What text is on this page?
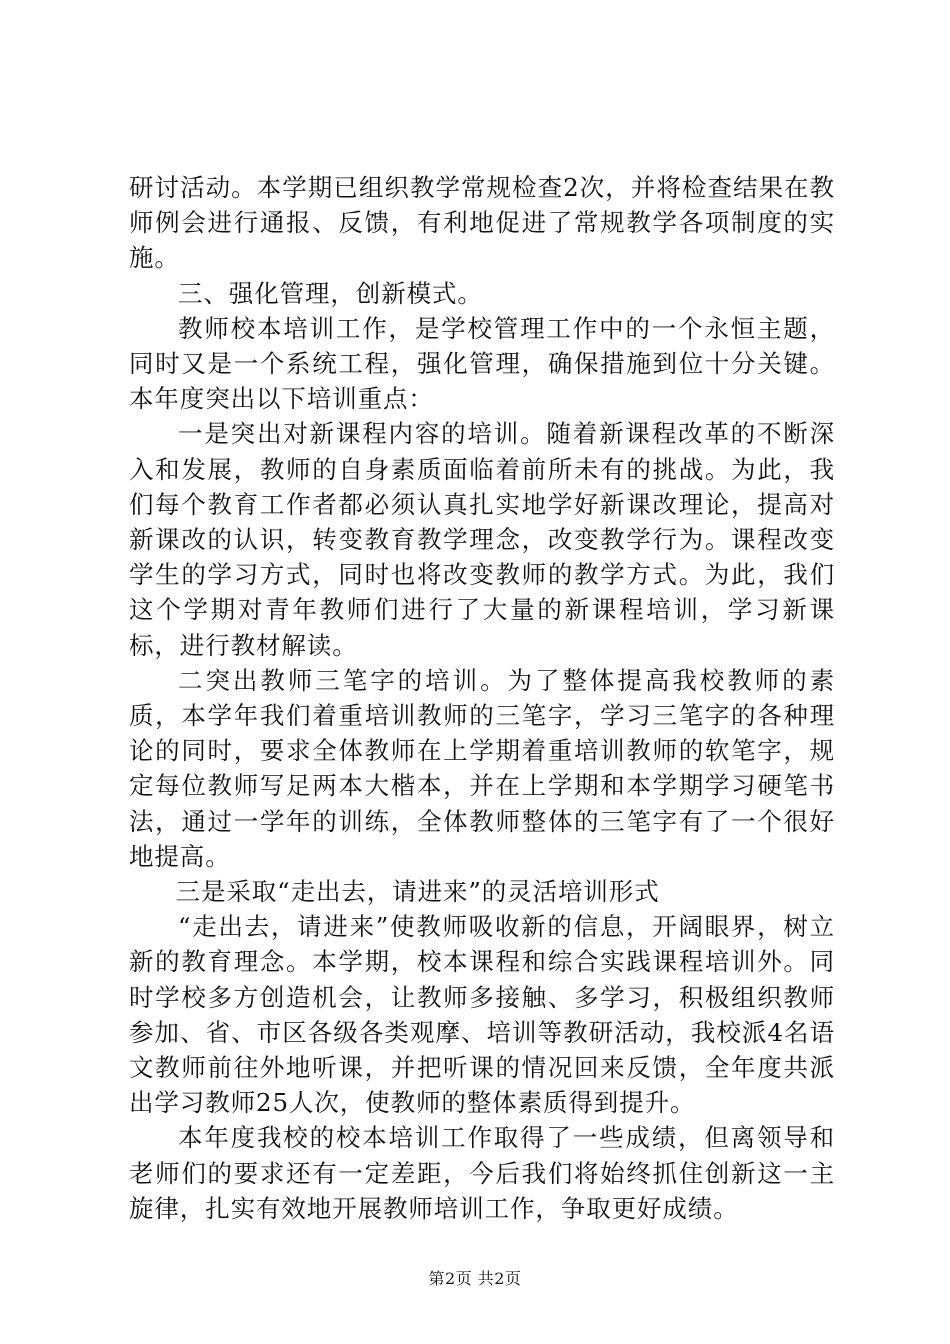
研讨活动。本学期已组织教学常规检查2次，并将检查结果在教师例会进行通报、反馈，有利地促进了常规教学各项制度的实施。

三、强化管理，创新模式。

教师校本培训工作，是学校管理工作中的一个永恒主题，同时又是一个系统工程，强化管理，确保措施到位十分关键。本年度突出以下培训重点：

一是突出对新课程内容的培训。随着新课程改革的不断深入和发展，教师的自身素质面临着前所未有的挑战。为此，我们每个教育工作者都必须认真扎实地学好新课改理论，提高对新课改的认识，转变教育教学理念，改变教学行为。课程改变学生的学习方式，同时也将改变教师的教学方式。为此，我们这个学期对青年教师们进行了大量的新课程培训，学习新课标，进行教材解读。

二突出教师三笔字的培训。为了整体提高我校教师的素质，本学年我们着重培训教师的三笔字，学习三笔字的各种理论的同时，要求全体教师在上学期着重培训教师的软笔字，规定每位教师写足两本大楷本，并在上学期和本学期学习硬笔书法，通过一学年的训练，全体教师整体的三笔字有了一个很好地提高。

三是采取“走出去，请进来”的灵活培训形式

“走出去，请进来”使教师吸收新的信息，开阔眼界，树立新的教育理念。本学期，校本课程和综合实践课程培训外。同时学校多方创造机会，让教师多接触、多学习，积极组织教师参加、省、市区各级各类观摩、培训等教研活动，我校派4名语文教师前往外地听课，并把听课的情况回来反馈，全年度共派出学习教师25人次，使教师的整体素质得到提升。

本年度我校的校本培训工作取得了一些成绩，但离领导和老师们的要求还有一定差距，今后我们将始终抓住创新这一主旋律，扎实有效地开展教师培训工作，争取更好成绩。

第2页 共2页
